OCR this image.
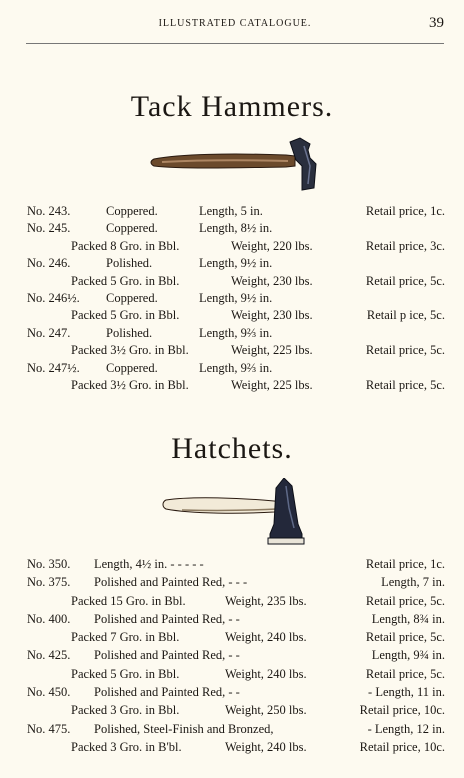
ILLUSTRATED CATALOGUE.	39
Tack Hammers.
No. 243.	Coppered.	Length, 5 in.	Retail price, 1c.
No. 245.	Coppered.	Length, 8½ in.
Packed 8 Gro. in Bbl.	Weight, 220 lbs.	Retail price, 3c.
No. 246.	Polished.	Length, 9½ in.
Packed 5 Gro. in Bbl.	Weight, 230 lbs.	Retail price, 5c.
No. 246½. Coppered.	Length, 9½ in.
Packed 5 Gro. in Bbl.	Weight, 230 lbs.	Retail p ice, 5c.
No. 247.	Polished.	Length, 9⅔ in.
Packed 3½ Gro. in Bbl.	Weight, 225 lbs.	Retail price, 5c.
No. 247½. Coppered.	Length, 9⅔ in.
Packed 3½ Gro. in Bbl.	Weight, 225 lbs.	Retail price, 5c.
Hatchets.
No. 350. Length, 4½ in. - - - - -	Retail price, 1c.
No. 375. Polished and Painted Red, - - -	Length, 7 in.
Packed 15 Gro. in Bbl.	Weight, 235 lbs.	Retail price, 5c.
No. 400. Polished and Painted Red, - -	Length, 8¾ in.
Packed 7 Gro. in Bbl.	Weight, 240 lbs.	Retail price, 5c.
No. 425. Polished and Painted Red, - -	Length, 9¾ in.
Packed 5 Gro. in Bbl.	Weight, 240 lbs.	Retail price, 5c.
No. 450. Polished and Painted Red, - -	- Length, 11 in.
Packed 3 Gro. in Bbl.	Weight, 250 lbs.	Retail price, 10c.
No. 475. Polished, Steel-Finish and Bronzed,	- Length, 12 in.
Packed 3 Gro. in B'bl.	Weight, 240 lbs.	Retail price, 10c.
